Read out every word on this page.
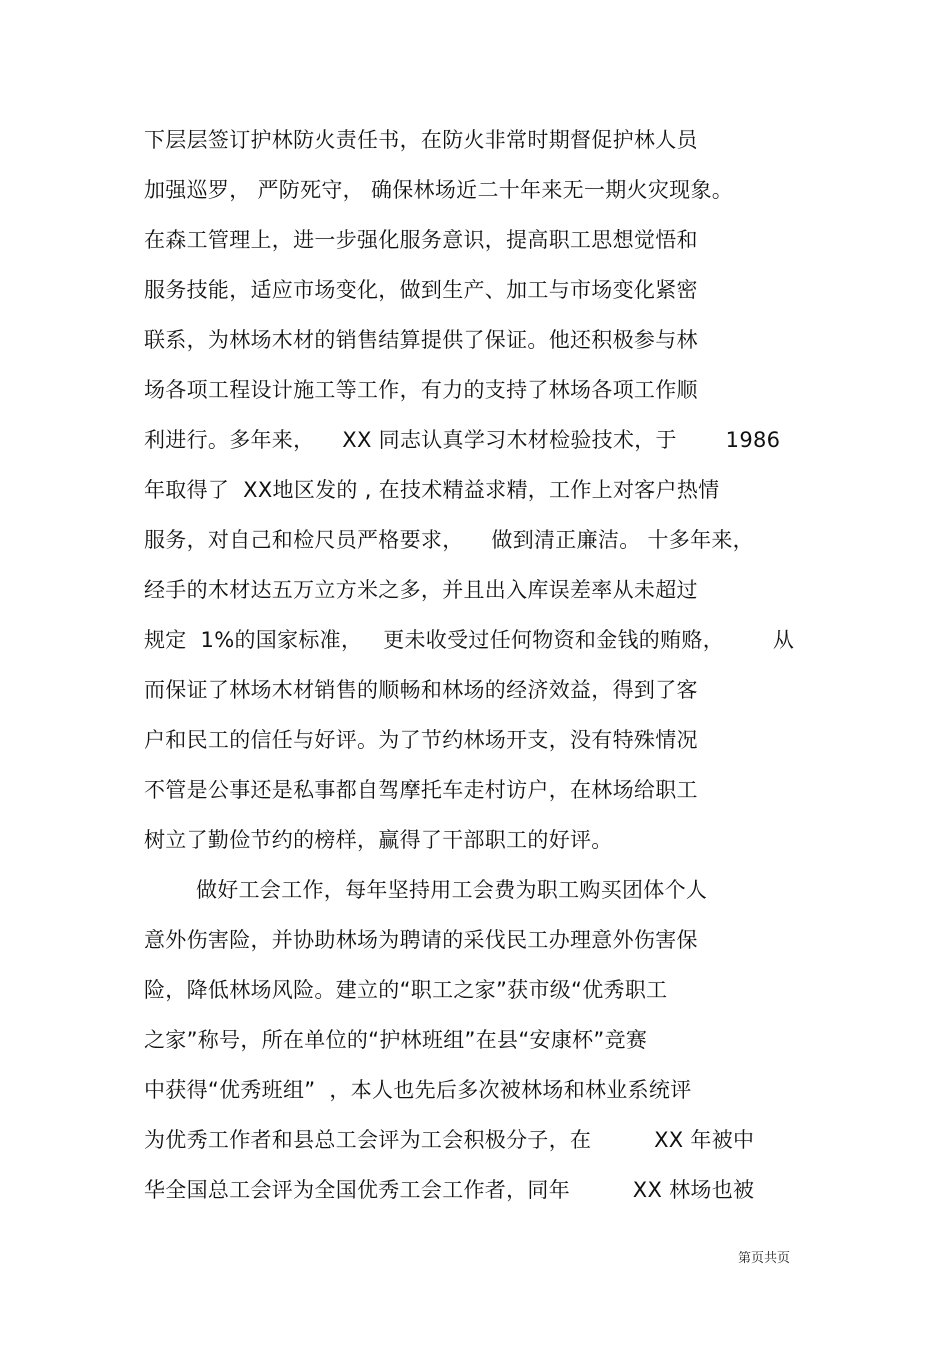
下层层签订护林防火责任书，在防火非常时期督促护林人员
加强巡罗， 严防死守， 确保林场近二十年来无一期火灾现象。
在森工管理上，进一步强化服务意识，提高职工思想觉悟和
服务技能，适应市场变化，做到生产、加工与市场变化紧密
联系，为林场木材的销售结算提供了保证。他还积极参与林
场各项工程设计施工等工作，有力的支持了林场各项工作顺
利进行。多年来，    XX 同志认真学习木材检验技术，于       1986
年取得了  XX地区发的 , 在技术精益求精，工作上对客户热情
服务，对自己和检尺员严格要求，    做到清正廉洁。 十多年来，
经手的木材达五万立方米之多，并且出入库误差率从未超过
规定  1%的国家标准，   更未收受过任何物资和金钱的贿赂，       从
而保证了林场木材销售的顺畅和林场的经济效益，得到了客
户和民工的信任与好评。为了节约林场开支，没有特殊情况
不管是公事还是私事都自驾摩托车走村访户，在林场给职工
树立了勤俭节约的榜样，赢得了干部职工的好评。
做好工会工作，每年坚持用工会费为职工购买团体个人
意外伤害险，并协助林场为聘请的采伐民工办理意外伤害保
险，降低林场风险。建立的“职工之家”获市级“优秀职工
之家”称号，所在单位的“护林班组”在县“安康杯”竞赛
中获得“优秀班组”  ，本人也先后多次被林场和林业系统评
为优秀工作者和县总工会评为工会积极分子，在         XX 年被中
华全国总工会评为全国优秀工会工作者，同年         XX 林场也被
第页共页
